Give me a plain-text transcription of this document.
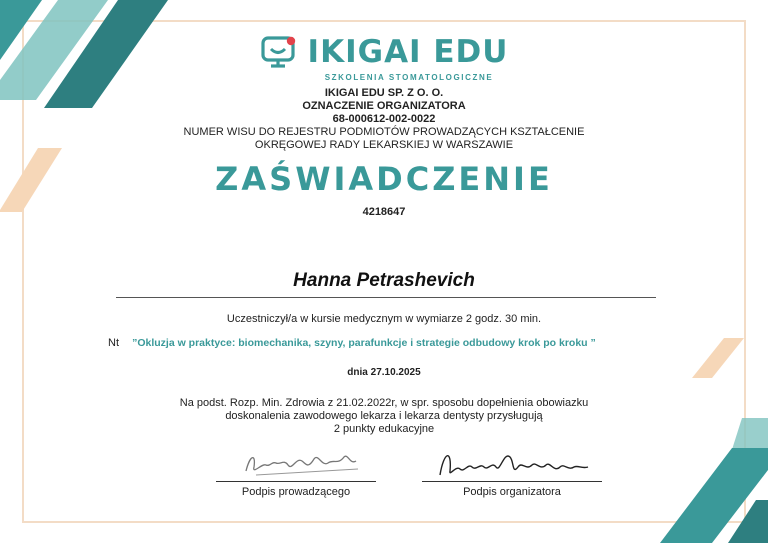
IKIGAI EDU
SZKOLENIA STOMATOLOGICZNE
IKIGAI EDU SP. Z O. O.
OZNACZENIE ORGANIZATORA
68-000612-002-0022
NUMER WISU DO REJESTRU PODMIOTÓW PROWADZĄCYCH KSZTAŁCENIE
OKRĘGOWEJ RADY LEKARSKIEJ W WARSZAWIE
ZAŚWIADCZENIE
4218647
Hanna Petrashevich
Uczestniczył/a w kursie medycznym w wymiarze 2 godz. 30 min.
Nt ”Okluzja w praktyce: biomechanika, szyny, parafunkcje i strategie odbudowy krok po kroku ”
dnia 27.10.2025
Na podst. Rozp. Min. Zdrowia z 21.02.2022r, w spr. sposobu dopełnienia obowiazku
doskonalenia zawodowego lekarza i lekarza dentysty przysługują
2 punkty edukacyjne
Podpis prowadzącego	Podpis organizatora
